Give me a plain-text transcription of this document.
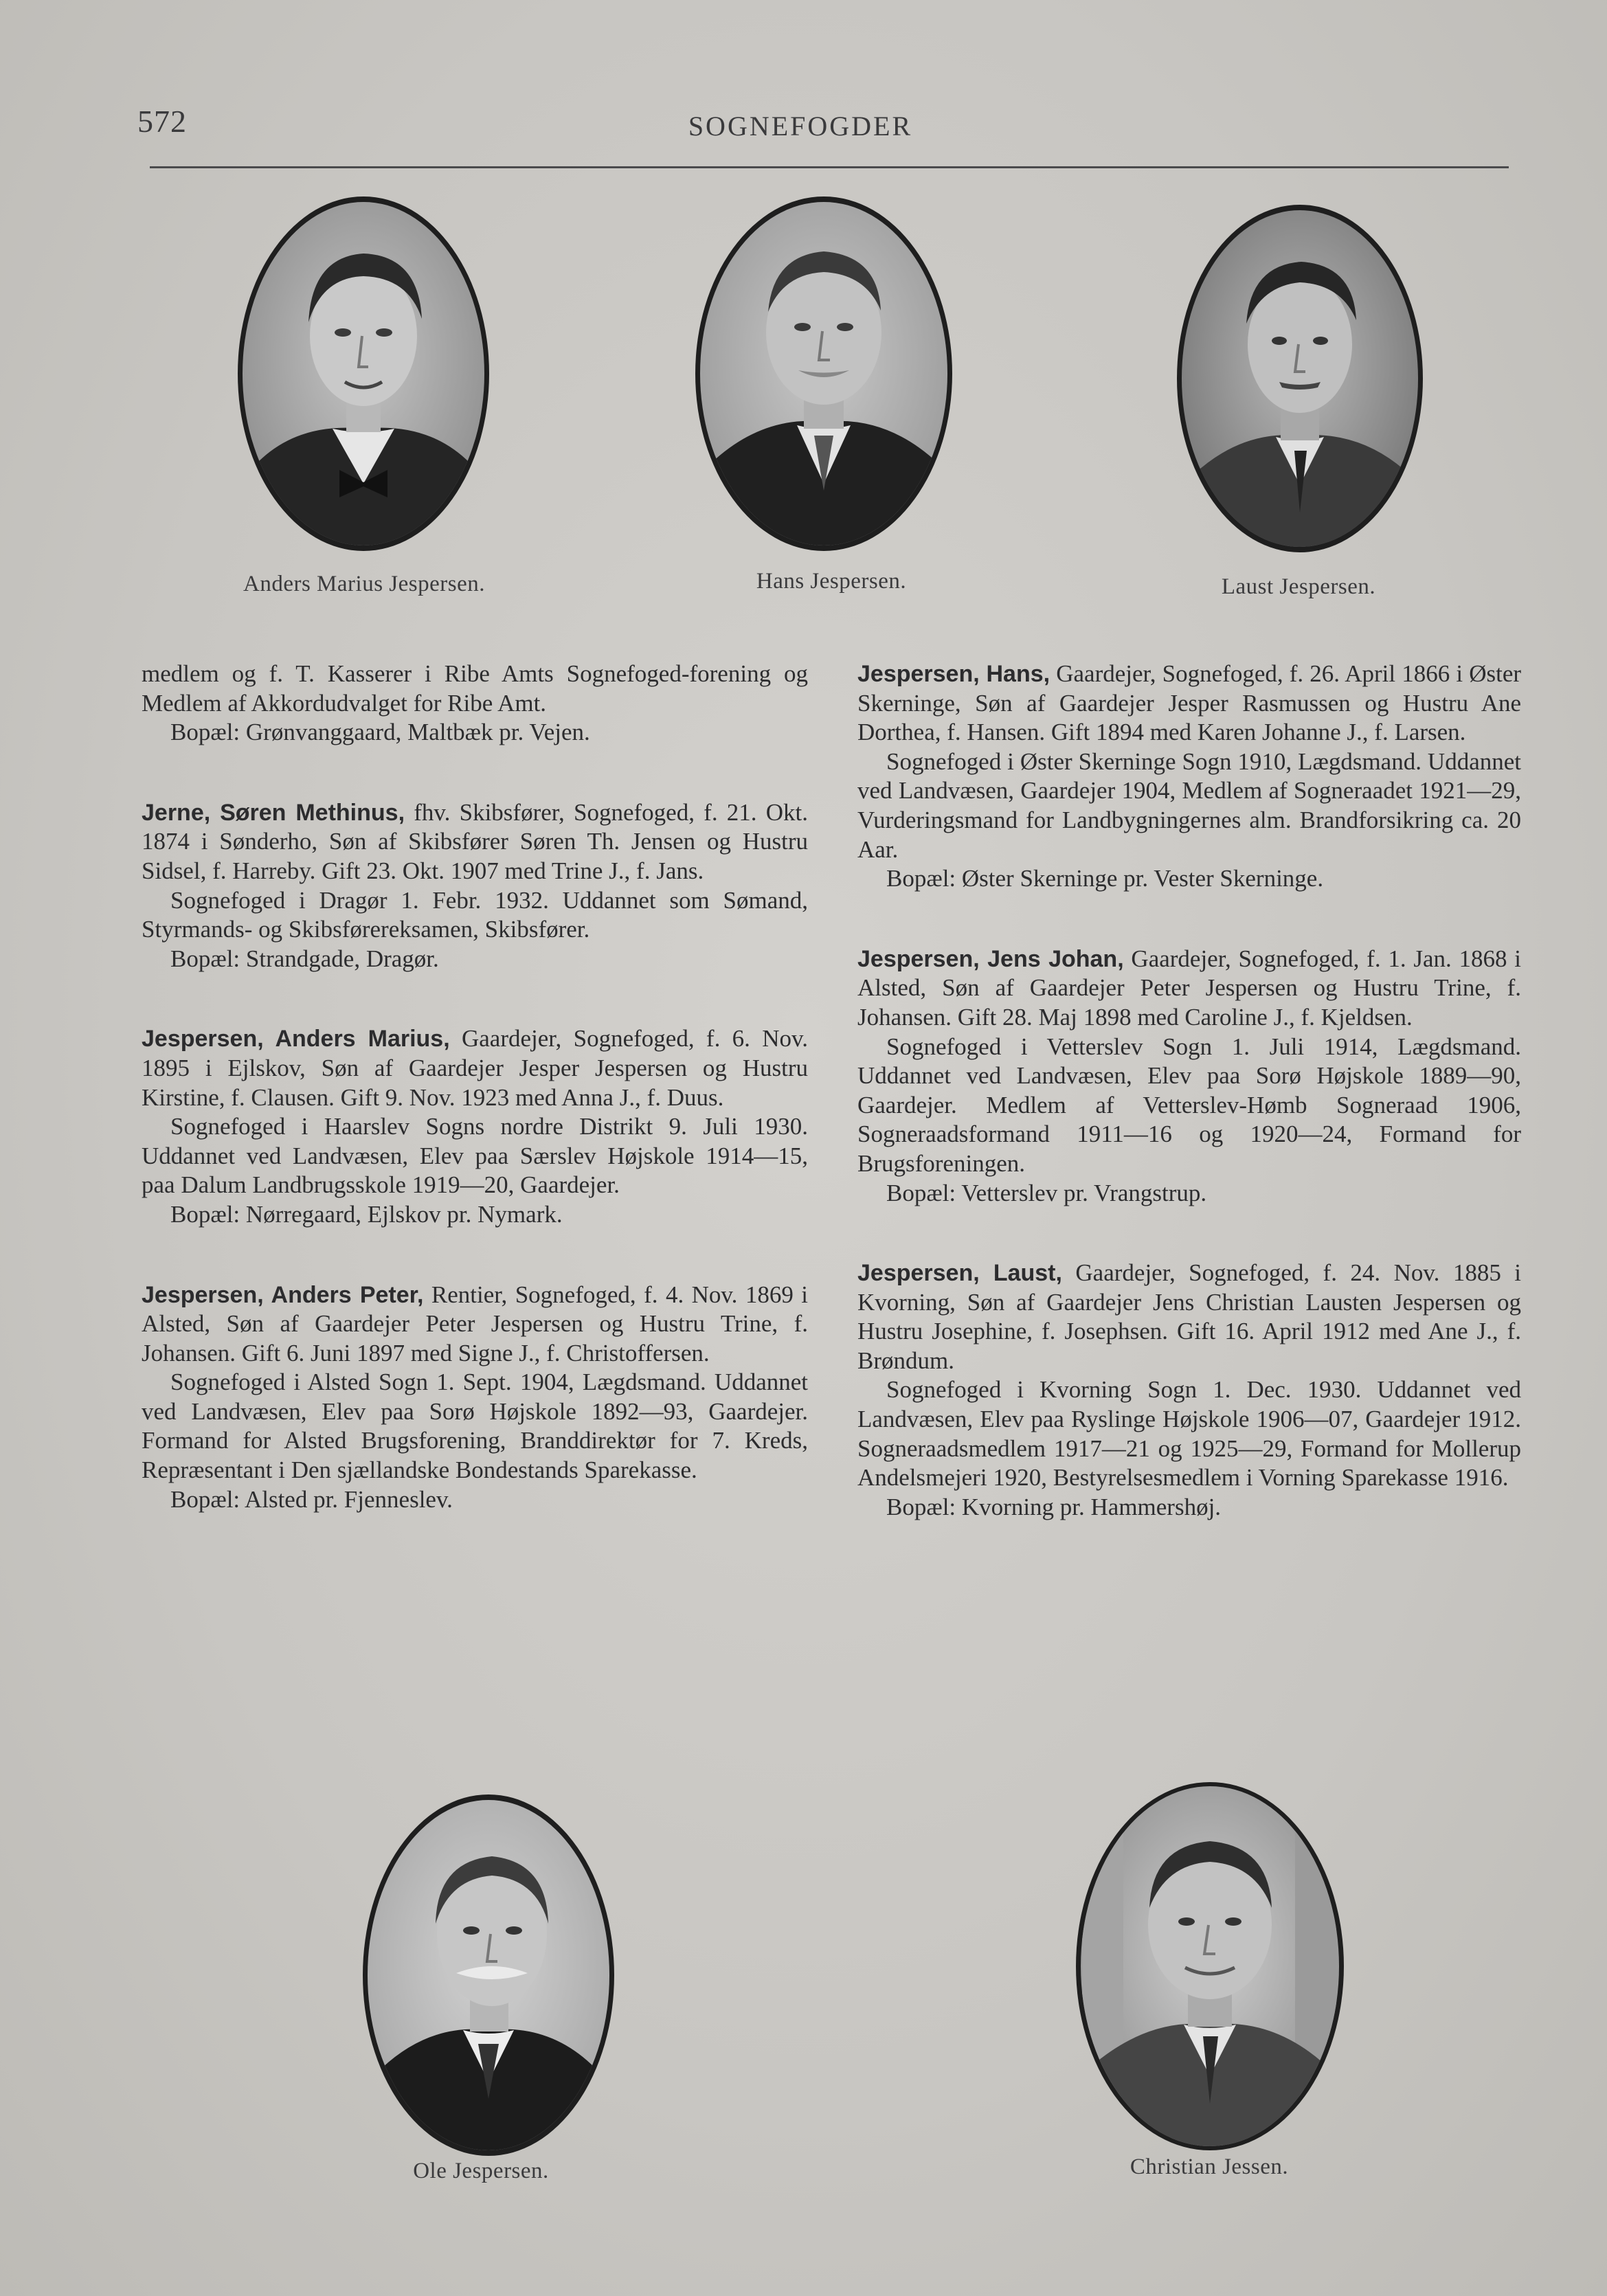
572	SOGNEFOGDER
Anders Marius Jespersen.	Hans Jespersen.	Laust Jespersen.

medlem og f. T. Kasserer i Ribe Amts Sognefoged-forening og Medlem af Akkordudvalget for Ribe Amt.

Bopæl: Grønvanggaard, Maltbæk pr. Vejen.

Jerne, Søren Methinus, fhv. Skibsfører, Sognefoged, f. 21. Okt. 1874 i Sønderho, Søn af Skibsfører Søren Th. Jensen og Hustru Sidsel, f. Harreby. Gift 23. Okt. 1907 med Trine J., f. Jans.

Sognefoged i Dragør 1. Febr. 1932. Uddannet som Sømand, Styrmands- og Skibsførereksamen, Skibsfører.

Bopæl: Strandgade, Dragør.

Jespersen, Anders Marius, Gaardejer, Sognefoged, f. 6. Nov. 1895 i Ejlskov, Søn af Gaardejer Jesper Jespersen og Hustru Kirstine, f. Clausen. Gift 9. Nov. 1923 med Anna J., f. Duus.

Sognefoged i Haarslev Sogns nordre Distrikt 9. Juli 1930. Uddannet ved Landvæsen, Elev paa Særslev Højskole 1914—15, paa Dalum Landbrugsskole 1919—20, Gaardejer.

Bopæl: Nørregaard, Ejlskov pr. Nymark.

Jespersen, Anders Peter, Rentier, Sognefoged, f. 4. Nov. 1869 i Alsted, Søn af Gaardejer Peter Jespersen og Hustru Trine, f. Johansen. Gift 6. Juni 1897 med Signe J., f. Christoffersen.

Sognefoged i Alsted Sogn 1. Sept. 1904, Lægdsmand. Uddannet ved Landvæsen, Elev paa Sorø Højskole 1892—93, Gaardejer. Formand for Alsted Brugsforening, Branddirektør for 7. Kreds, Repræsentant i Den sjællandske Bondestands Sparekasse.

Bopæl: Alsted pr. Fjenneslev.

Jespersen, Hans, Gaardejer, Sognefoged, f. 26. April 1866 i Øster Skerninge, Søn af Gaardejer Jesper Rasmussen og Hustru Ane Dorthea, f. Hansen. Gift 1894 med Karen Johanne J., f. Larsen.

Sognefoged i Øster Skerninge Sogn 1910, Lægdsmand. Uddannet ved Landvæsen, Gaardejer 1904, Medlem af Sogneraadet 1921—29, Vurderingsmand for Landbygningernes alm. Brandforsikring ca. 20 Aar.

Bopæl: Øster Skerninge pr. Vester Skerninge.

Jespersen, Jens Johan, Gaardejer, Sognefoged, f. 1. Jan. 1868 i Alsted, Søn af Gaardejer Peter Jespersen og Hustru Trine, f. Johansen. Gift 28. Maj 1898 med Caroline J., f. Kjeldsen.

Sognefoged i Vetterslev Sogn 1. Juli 1914, Lægdsmand. Uddannet ved Landvæsen, Elev paa Sorø Højskole 1889—90, Gaardejer. Medlem af Vetterslev-Hømb Sogneraad 1906, Sogneraadsformand 1911—16 og 1920—24, Formand for Brugsforeningen.

Bopæl: Vetterslev pr. Vrangstrup.

Jespersen, Laust, Gaardejer, Sognefoged, f. 24. Nov. 1885 i Kvorning, Søn af Gaardejer Jens Christian Lausten Jespersen og Hustru Josephine, f. Josephsen. Gift 16. April 1912 med Ane J., f. Brøndum.

Sognefoged i Kvorning Sogn 1. Dec. 1930. Uddannet ved Landvæsen, Elev paa Ryslinge Højskole 1906—07, Gaardejer 1912. Sogneraadsmedlem 1917—21 og 1925—29, Formand for Mollerup Andelsmejeri 1920, Bestyrelsesmedlem i Vorning Sparekasse 1916.

Bopæl: Kvorning pr. Hammershøj.

Ole Jespersen.	Christian Jessen.
